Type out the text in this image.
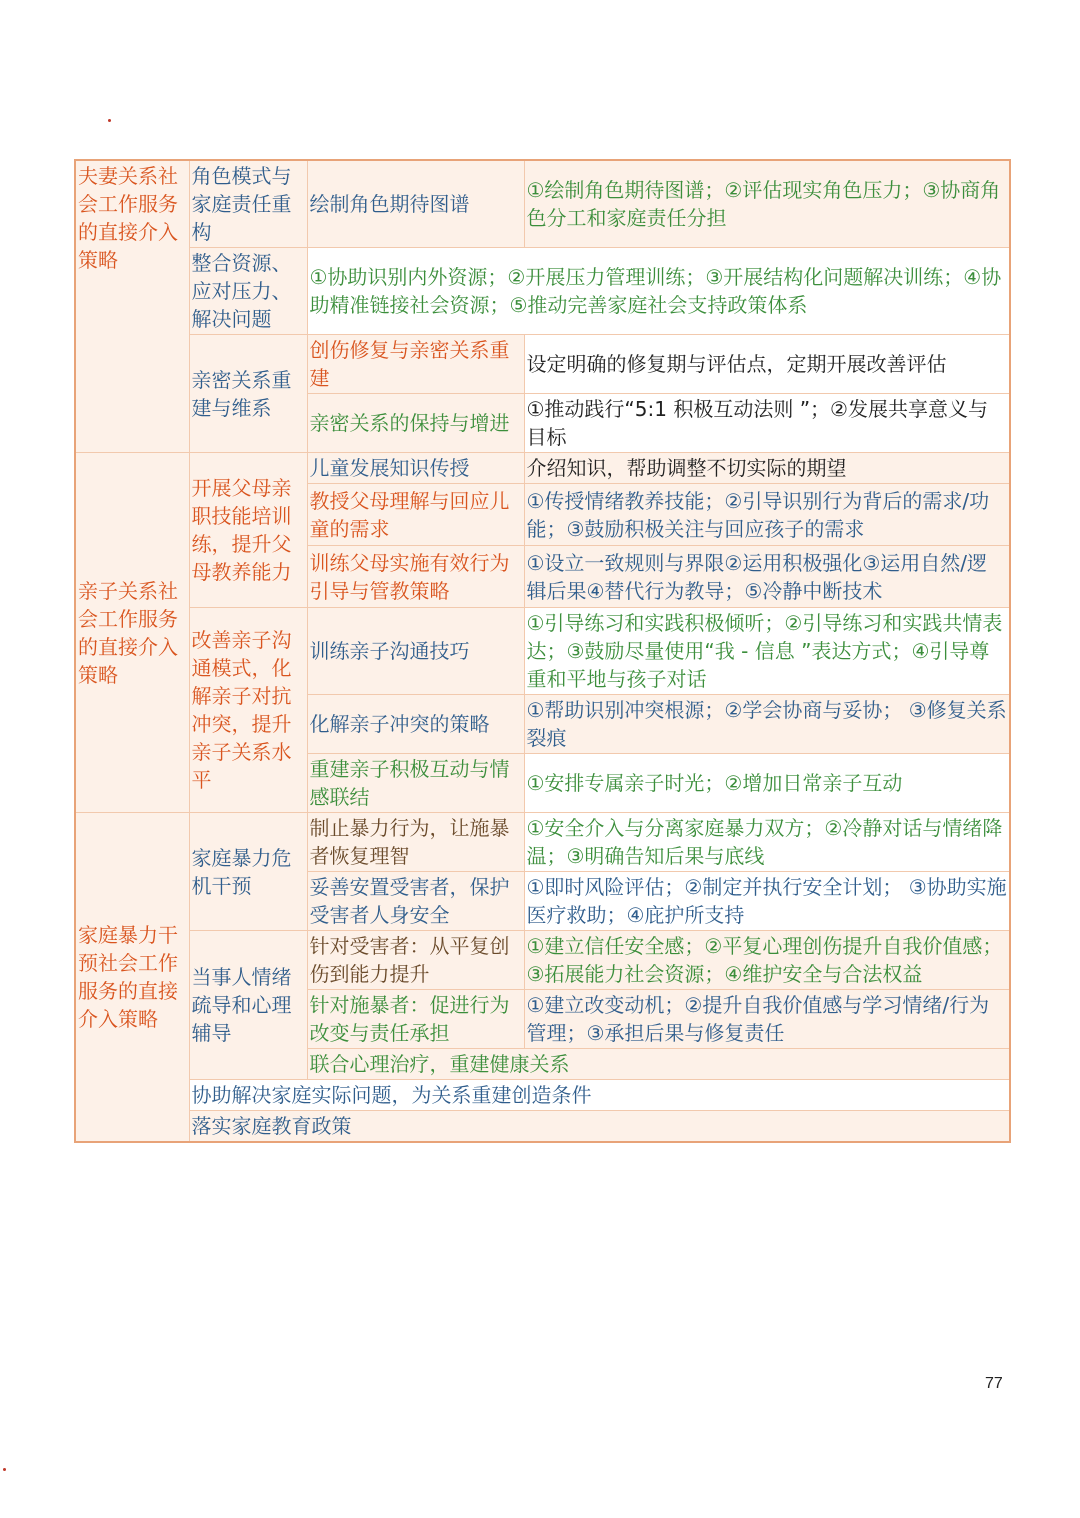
夫妻关系社会工作服务的直接介入策略	角色模式与家庭责任重构	绘制角色期待图谱	①绘制角色期待图谱；②评估现实角色压力；③协商角色分工和家庭责任分担
	整合资源、应对压力、解决问题	①协助识别内外资源；②开展压力管理训练；③开展结构化问题解决训练；④协助精准链接社会资源；⑤推动完善家庭社会支持政策体系	
	亲密关系重建与维系	创伤修复与亲密关系重建	设定明确的修复期与评估点，定期开展改善评估
		亲密关系的保持与增进	①推动践行“5:1 积极互动法则 ”；②发展共享意义与目标
亲子关系社会工作服务的直接介入策略	开展父母亲职技能培训练，提升父母教养能力	儿童发展知识传授	介绍知识，帮助调整不切实际的期望
		教授父母理解与回应儿童的需求	①传授情绪教养技能；②引导识别行为背后的需求/功能；③鼓励积极关注与回应孩子的需求
		训练父母实施有效行为引导与管教策略	①设立一致规则与界限②运用积极强化③运用自然/逻辑后果④替代行为教导；⑤冷静中断技术
	改善亲子沟通模式，化解亲子对抗冲突，提升亲子关系水平	训练亲子沟通技巧	①引导练习和实践积极倾听；②引导练习和实践共情表达；③鼓励尽量使用“我 - 信息 ”表达方式；④引导尊重和平地与孩子对话
		化解亲子冲突的策略	①帮助识别冲突根源；②学会协商与妥协； ③修复关系裂痕
		重建亲子积极互动与情感联结	①安排专属亲子时光；②增加日常亲子互动
家庭暴力干预社会工作服务的直接介入策略	家庭暴力危机干预	制止暴力行为，让施暴者恢复理智	①安全介入与分离家庭暴力双方；②冷静对话与情绪降温；③明确告知后果与底线
		妥善安置受害者，保护受害者人身安全	①即时风险评估；②制定并执行安全计划； ③协助实施医疗救助；④庇护所支持
	当事人情绪疏导和心理辅导	针对受害者：从平复创伤到能力提升	①建立信任安全感；②平复心理创伤提升自我价值感；③拓展能力社会资源；④维护安全与合法权益
		针对施暴者：促进行为改变与责任承担	①建立改变动机；②提升自我价值感与学习情绪/行为管理；③承担后果与修复责任
		联合心理治疗，重建健康关系	
	协助解决家庭实际问题，为关系重建创造条件		
	落实家庭教育政策		
77
